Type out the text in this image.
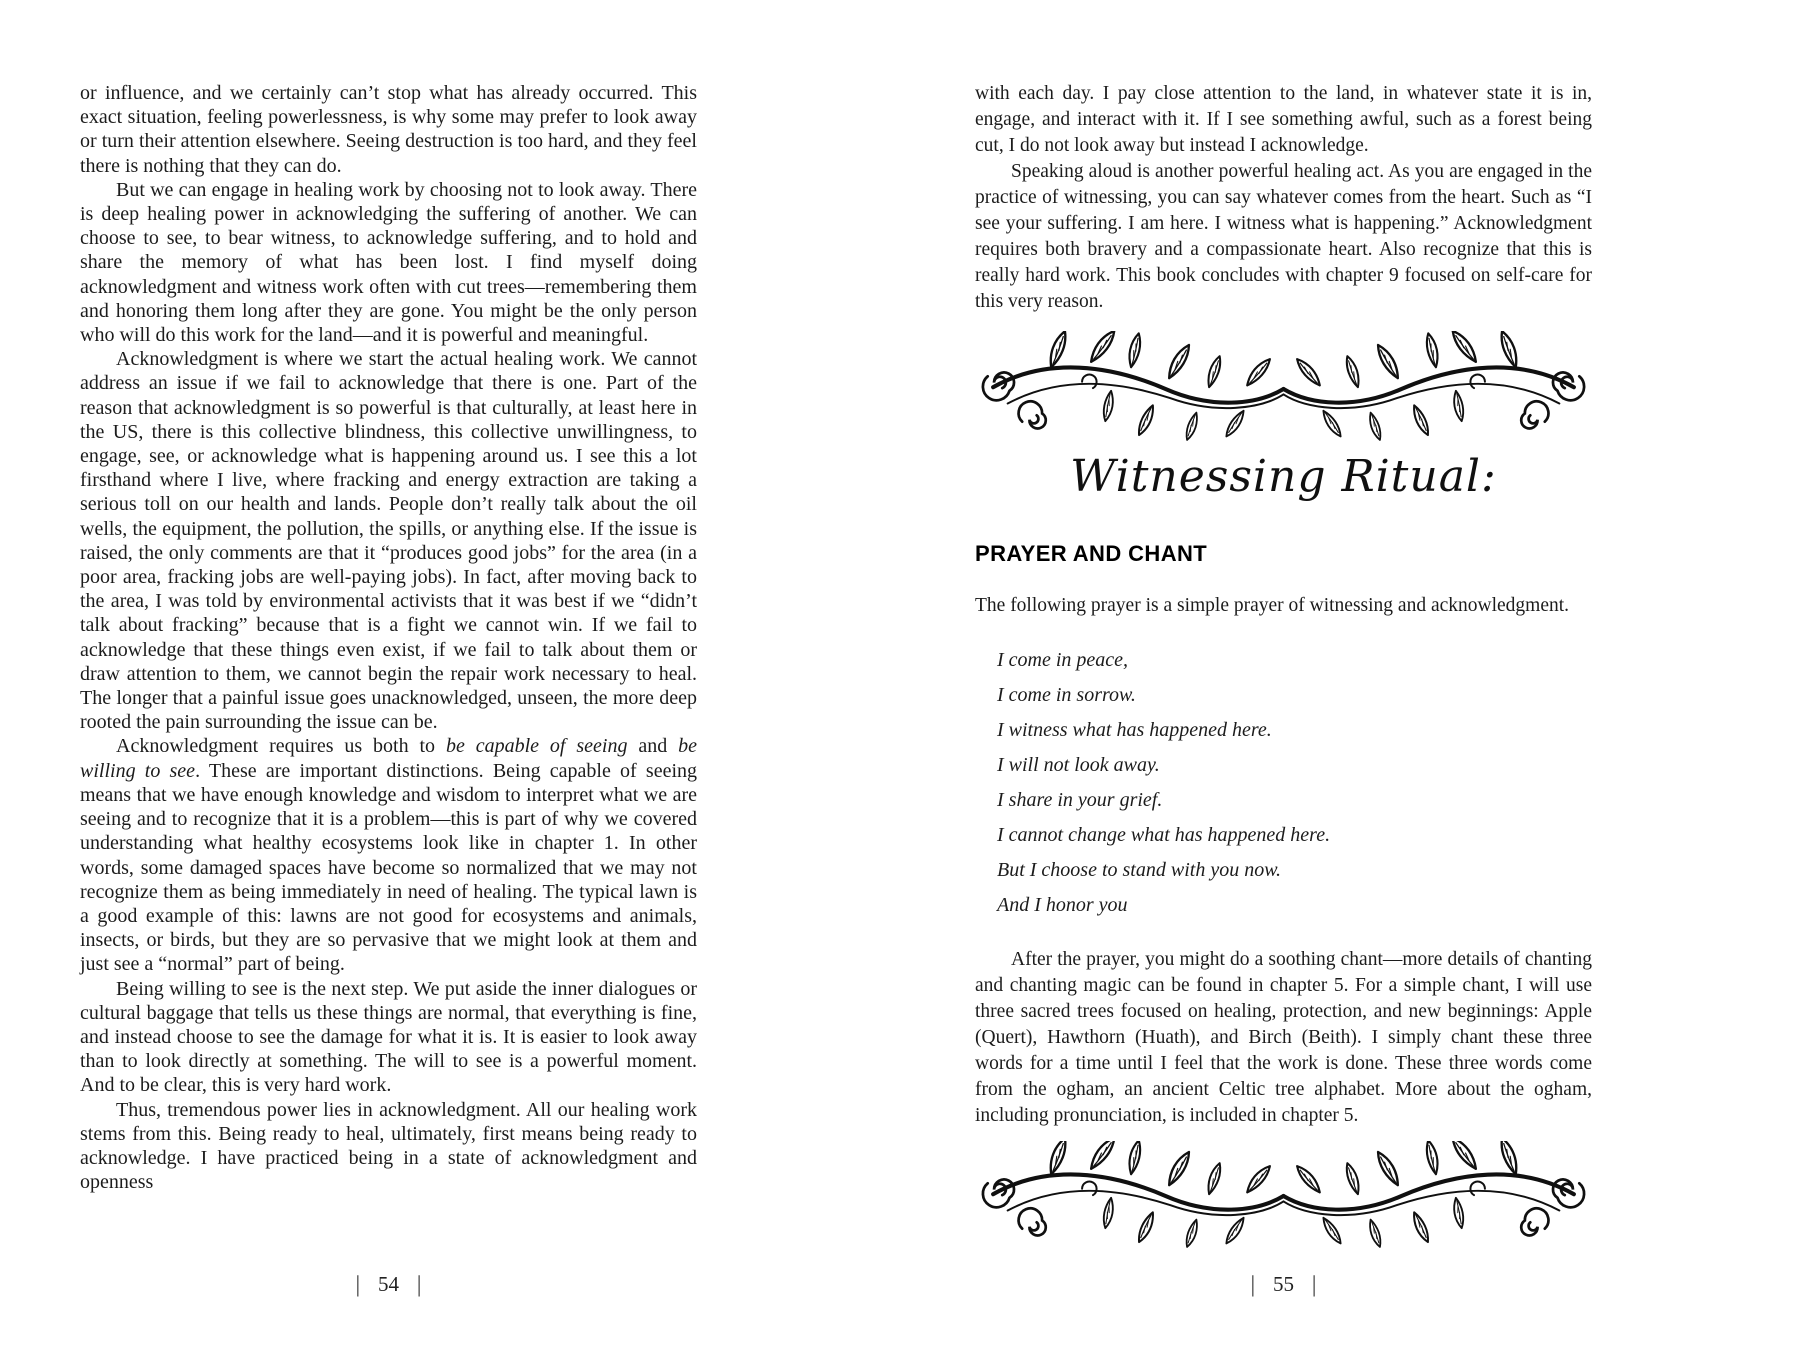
or influence, and we certainly can’t stop what has already occurred. This exact situation, feeling powerlessness, is why some may prefer to look away or turn their attention elsewhere. Seeing destruction is too hard, and they feel there is nothing that they can do.

But we can engage in healing work by choosing not to look away. There is deep healing power in acknowledging the suffering of another. We can choose to see, to bear witness, to acknowledge suffering, and to hold and share the memory of what has been lost. I find myself doing acknowledgment and witness work often with cut trees—remembering them and honoring them long after they are gone. You might be the only person who will do this work for the land—and it is powerful and meaningful.

Acknowledgment is where we start the actual healing work. We cannot address an issue if we fail to acknowledge that there is one. Part of the reason that acknowledgment is so powerful is that culturally, at least here in the US, there is this collective blindness, this collective unwillingness, to engage, see, or acknowledge what is happening around us. I see this a lot firsthand where I live, where fracking and energy extraction are taking a serious toll on our health and lands. People don’t really talk about the oil wells, the equipment, the pollution, the spills, or anything else. If the issue is raised, the only comments are that it “produces good jobs” for the area (in a poor area, fracking jobs are well-paying jobs). In fact, after moving back to the area, I was told by environmental activists that it was best if we “didn’t talk about fracking” because that is a fight we cannot win. If we fail to acknowledge that these things even exist, if we fail to talk about them or draw attention to them, we cannot begin the repair work necessary to heal. The longer that a painful issue goes unacknowledged, unseen, the more deep rooted the pain surrounding the issue can be.

Acknowledgment requires us both to be capable of seeing and be willing to see. These are important distinctions. Being capable of seeing means that we have enough knowledge and wisdom to interpret what we are seeing and to recognize that it is a problem—this is part of why we covered understanding what healthy ecosystems look like in chapter 1. In other words, some damaged spaces have become so normalized that we may not recognize them as being immediately in need of healing. The typical lawn is a good example of this: lawns are not good for ecosystems and animals, insects, or birds, but they are so pervasive that we might look at them and just see a “normal” part of being.

Being willing to see is the next step. We put aside the inner dialogues or cultural baggage that tells us these things are normal, that everything is fine, and instead choose to see the damage for what it is. It is easier to look away than to look directly at something. The will to see is a powerful moment. And to be clear, this is very hard work.

Thus, tremendous power lies in acknowledgment. All our healing work stems from this. Being ready to heal, ultimately, first means being ready to acknowledge. I have practiced being in a state of acknowledgment and openness

| 54 |

with each day. I pay close attention to the land, in whatever state it is in, engage, and interact with it. If I see something awful, such as a forest being cut, I do not look away but instead I acknowledge.

Speaking aloud is another powerful healing act. As you are engaged in the practice of witnessing, you can say whatever comes from the heart. Such as “I see your suffering. I am here. I witness what is happening.” Acknowledgment requires both bravery and a compassionate heart. Also recognize that this is really hard work. This book concludes with chapter 9 focused on self-care for this very reason.

Witnessing Ritual:
PRAYER AND CHANT

The following prayer is a simple prayer of witnessing and acknowledgment.

I come in peace,
I come in sorrow.
I witness what has happened here.
I will not look away.
I share in your grief.
I cannot change what has happened here.
But I choose to stand with you now.
And I honor you

After the prayer, you might do a soothing chant—more details of chanting and chanting magic can be found in chapter 5. For a simple chant, I will use three sacred trees focused on healing, protection, and new beginnings: Apple (Quert), Hawthorn (Huath), and Birch (Beith). I simply chant these three words for a time until I feel that the work is done. These three words come from the ogham, an ancient Celtic tree alphabet. More about the ogham, including pronunciation, is included in chapter 5.

| 55 |
